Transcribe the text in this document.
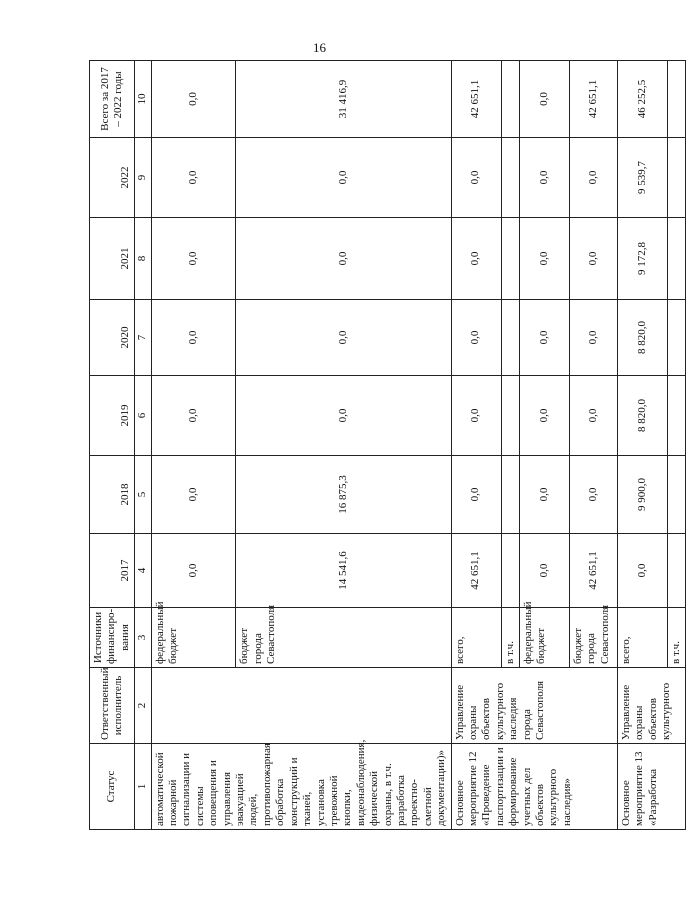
16
Статус	Ответственный исполнитель	Источники финансиро-вания	2017	2018	2019	2020	2021	2022	Всего за 2017 – 2022 годы
1	2	3	4	5	6	7	8	9	10
автоматической пожарной сигнализации и системы оповещения и управления эвакуацией людей, противопожарная обработка конструкций и тканей, установка тревожной кнопки, видеонаблюдения, физической охраны, в т.ч. разработка проектно-сметной документации)»		федеральный бюджет	0,0	0,0	0,0	0,0	0,0	0,0	0,0
		бюджет города Севастополя	14 541,6	16 875,3	0,0	0,0	0,0	0,0	31 416,9
Основное мероприятие 12 «Проведение паспортизации и формирование учетных дел объектов культурного наследия»	Управление охраны объектов культурного наследия города Севастополя	всего,	42 651,1	0,0	0,0	0,0	0,0	0,0	42 651,1
		в т.ч.							
		федеральный бюджет	0,0	0,0	0,0	0,0	0,0	0,0	0,0
		бюджет города Севастополя	42 651,1	0,0	0,0	0,0	0,0	0,0	42 651,1
Основное мероприятие 13 «Разработка	Управление охраны объектов культурного	всего,	0,0	9 900,0	8 820,0	8 820,0	9 172,8	9 539,7	46 252,5
		в т.ч.							
